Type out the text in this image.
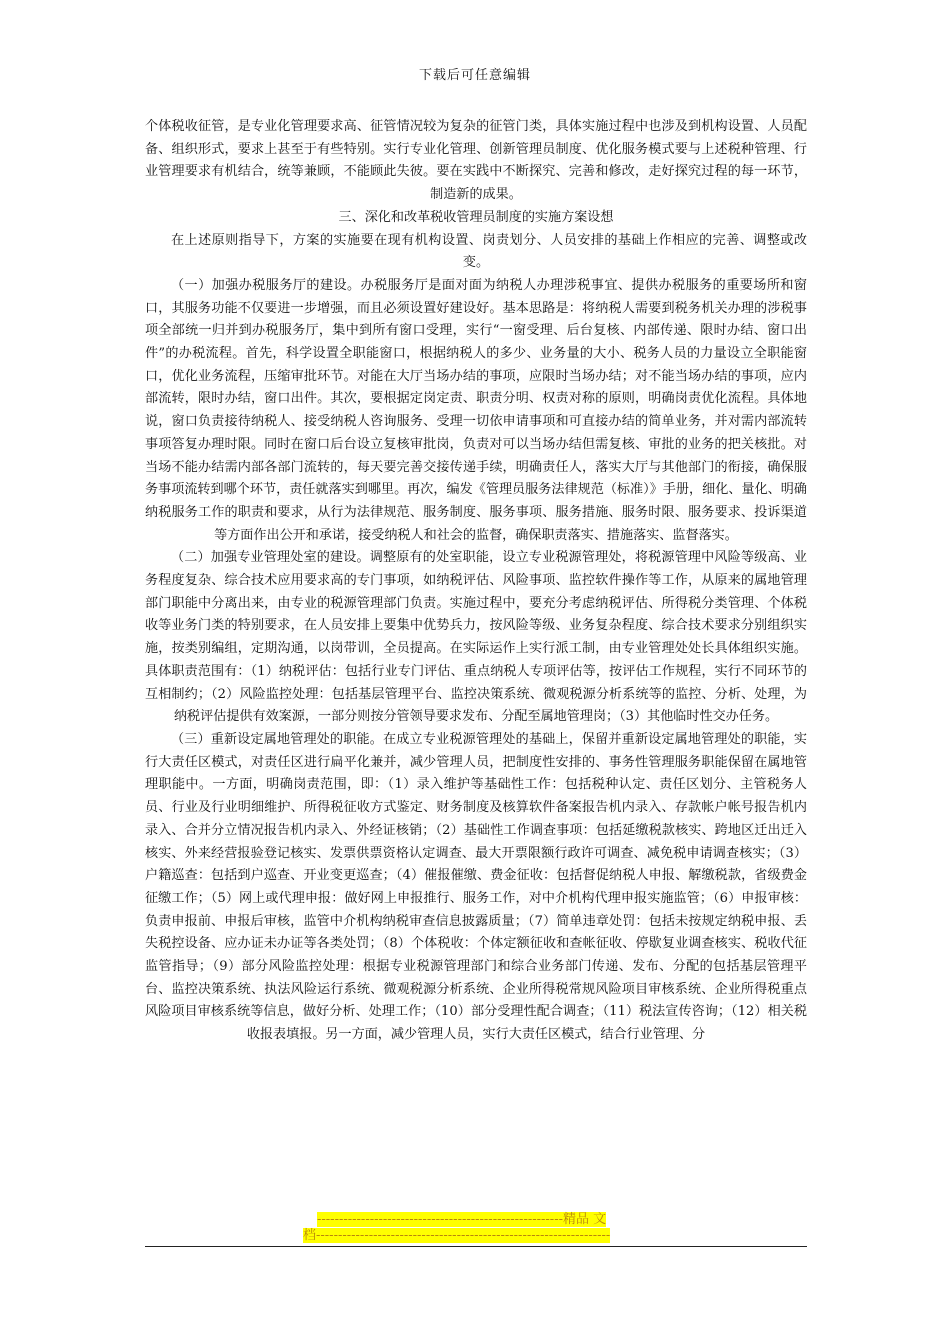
下载后可任意编辑

个体税收征管，是专业化管理要求高、征管情况较为复杂的征管门类，具体实施过程中也涉及到机构设置、人员配备、组织形式，要求上甚至于有些特别。实行专业化管理、创新管理员制度、优化服务模式要与上述税种管理、行业管理要求有机结合，统等兼顾，不能顾此失彼。要在实践中不断探究、完善和修改，走好探究过程的每一环节，制造新的成果。

三、深化和改革税收管理员制度的实施方案设想

在上述原则指导下，方案的实施要在现有机构设置、岗责划分、人员安排的基础上作相应的完善、调整或改变。

（一）加强办税服务厅的建设。办税服务厅是面对面为纳税人办理涉税事宜、提供办税服务的重要场所和窗口，其服务功能不仅要进一步增强，而且必须设置好建设好。基本思路是：将纳税人需要到税务机关办理的涉税事项全部统一归并到办税服务厅，集中到所有窗口受理，实行“一窗受理、后台复核、内部传递、限时办结、窗口出件”的办税流程。首先，科学设置全职能窗口，根据纳税人的多少、业务量的大小、税务人员的力量设立全职能窗口，优化业务流程，压缩审批环节。对能在大厅当场办结的事项，应限时当场办结；对不能当场办结的事项，应内部流转，限时办结，窗口出件。其次，要根据定岗定责、职责分明、权责对称的原则，明确岗责优化流程。具体地说，窗口负责接待纳税人、接受纳税人咨询服务、受理一切依申请事项和可直接办结的简单业务，并对需内部流转事项答复办理时限。同时在窗口后台设立复核审批岗，负责对可以当场办结但需复核、审批的业务的把关核批。对当场不能办结需内部各部门流转的，每天要完善交接传递手续，明确责任人，落实大厅与其他部门的衔接，确保服务事项流转到哪个环节，责任就落实到哪里。再次，编发《管理员服务法律规范（标准）》手册，细化、量化、明确纳税服务工作的职责和要求，从行为法律规范、服务制度、服务事项、服务措施、服务时限、服务要求、投诉渠道等方面作出公开和承诺，接受纳税人和社会的监督，确保职责落实、措施落实、监督落实。

（二）加强专业管理处室的建设。调整原有的处室职能，设立专业税源管理处，将税源管理中风险等级高、业务程度复杂、综合技术应用要求高的专门事项，如纳税评估、风险事项、监控软件操作等工作，从原来的属地管理部门职能中分离出来，由专业的税源管理部门负责。实施过程中，要充分考虑纳税评估、所得税分类管理、个体税收等业务门类的特别要求，在人员安排上要集中优势兵力，按风险等级、业务复杂程度、综合技术要求分别组织实施，按类别编组，定期沟通，以岗带训，全员提高。在实际运作上实行派工制，由专业管理处处长具体组织实施。具体职责范围有：（1）纳税评估：包括行业专门评估、重点纳税人专项评估等，按评估工作规程，实行不同环节的互相制约；（2）风险监控处理：包括基层管理平台、监控决策系统、微观税源分析系统等的监控、分析、处理，为纳税评估提供有效案源，一部分则按分管领导要求发布、分配至属地管理岗；（3）其他临时性交办任务。

（三）重新设定属地管理处的职能。在成立专业税源管理处的基础上，保留并重新设定属地管理处的职能，实行大责任区模式，对责任区进行扁平化兼并，减少管理人员，把制度性安排的、事务性管理服务职能保留在属地管理职能中。一方面，明确岗责范围，即：（1）录入维护等基础性工作：包括税种认定、责任区划分、主管税务人员、行业及行业明细维护、所得税征收方式鉴定、财务制度及核算软件备案报告机内录入、存款帐户帐号报告机内录入、合并分立情况报告机内录入、外经证核销；（2）基础性工作调查事项：包括延缴税款核实、跨地区迁出迁入核实、外来经营报验登记核实、发票供票资格认定调查、最大开票限额行政许可调查、减免税申请调查核实；（3）户籍巡查：包括到户巡查、开业变更巡查；（4）催报催缴、费金征收：包括督促纳税人申报、解缴税款，省级费金征缴工作；（5）网上或代理申报：做好网上申报推行、服务工作，对中介机构代理申报实施监管；（6）申报审核：负责申报前、申报后审核，监管中介机构纳税审查信息披露质量；（7）简单违章处罚：包括未按规定纳税申报、丢失税控设备、应办证未办证等各类处罚；（8）个体税收：个体定额征收和查帐征收、停歇复业调查核实、税收代征监管指导；（9）部分风险监控处理：根据专业税源管理部门和综合业务部门传递、发布、分配的包括基层管理平台、监控决策系统、执法风险运行系统、微观税源分析系统、企业所得税常规风险项目审核系统、企业所得税重点风险项目审核系统等信息，做好分析、处理工作；（10）部分受理性配合调查；（11）税法宣传咨询；（12）相关税收报表填报。另一方面，减少管理人员，实行大责任区模式，结合行业管理、分

--------------------------------------------------------精品 文
档-------------------------------------------------------------------
